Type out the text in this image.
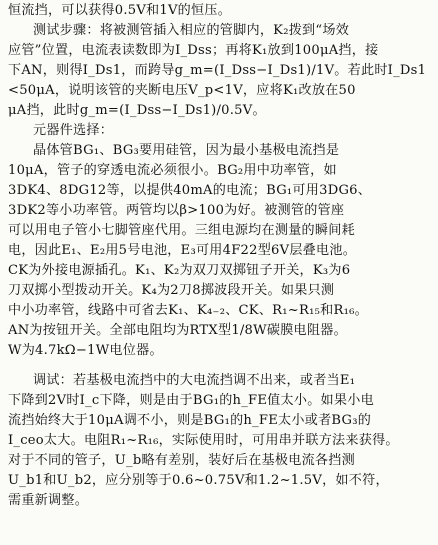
恒流挡，可以获得0.5V和1V的恒压。
测试步骤：将被测管插入相应的管脚内，K₂拨到“场效
应管”位置，电流表读数即为I_Dss；再将K₁放到100μA挡，接
下AN，则得I_Ds1，而跨导g_m=(I_Dss−I_Ds1)/1V。若此时I_Ds1
<50μA，说明该管的夹断电压V_p<1V，应将K₁改放在50
μA挡，此时g_m=(I_Dss−I_Ds1)/0.5V。
元器件选择：
晶体管BG₁、BG₃要用硅管，因为最小基极电流挡是
10μA，管子的穿透电流必须很小。BG₂用中功率管，如
3DK4、8DG12等，以提供40mA的电流；BG₁可用3DG6、
3DK2等小功率管。两管均以β>100为好。被测管的管座
可以用电子管小七脚管座代用。三组电源均在测量的瞬间耗
电，因此E₁、E₂用5号电池，E₃可用4F22型6V层叠电池。
CK为外接电源插孔。K₁、K₂为双刀双掷钮子开关，K₃为6
刀双掷小型拨动开关。K₄为2刀8掷波段开关。如果只测
中小功率管，线路中可省去K₁、K₄₋₂、CK、R₁~R₁₅和R₁₆。
AN为按钮开关。全部电阻均为RTX型1/8W碳膜电阻器。
W为4.7kΩ−1W电位器。
调试：若基极电流挡中的大电流挡调不出来，或者当E₁
下降到2V时I_c下降，则是由于BG₁的h_FE值太小。如果小电
流挡始终大于10μA调不小，则是BG₁的h_FE太小或者BG₃的
I_ceo太大。电阻R₁~R₁₆，实际使用时，可用串并联方法来获得。
对于不同的管子，U_b略有差别，装好后在基极电流各挡测
U_b1和U_b2，应分别等于0.6~0.75V和1.2~1.5V，如不符，
需重新调整。
